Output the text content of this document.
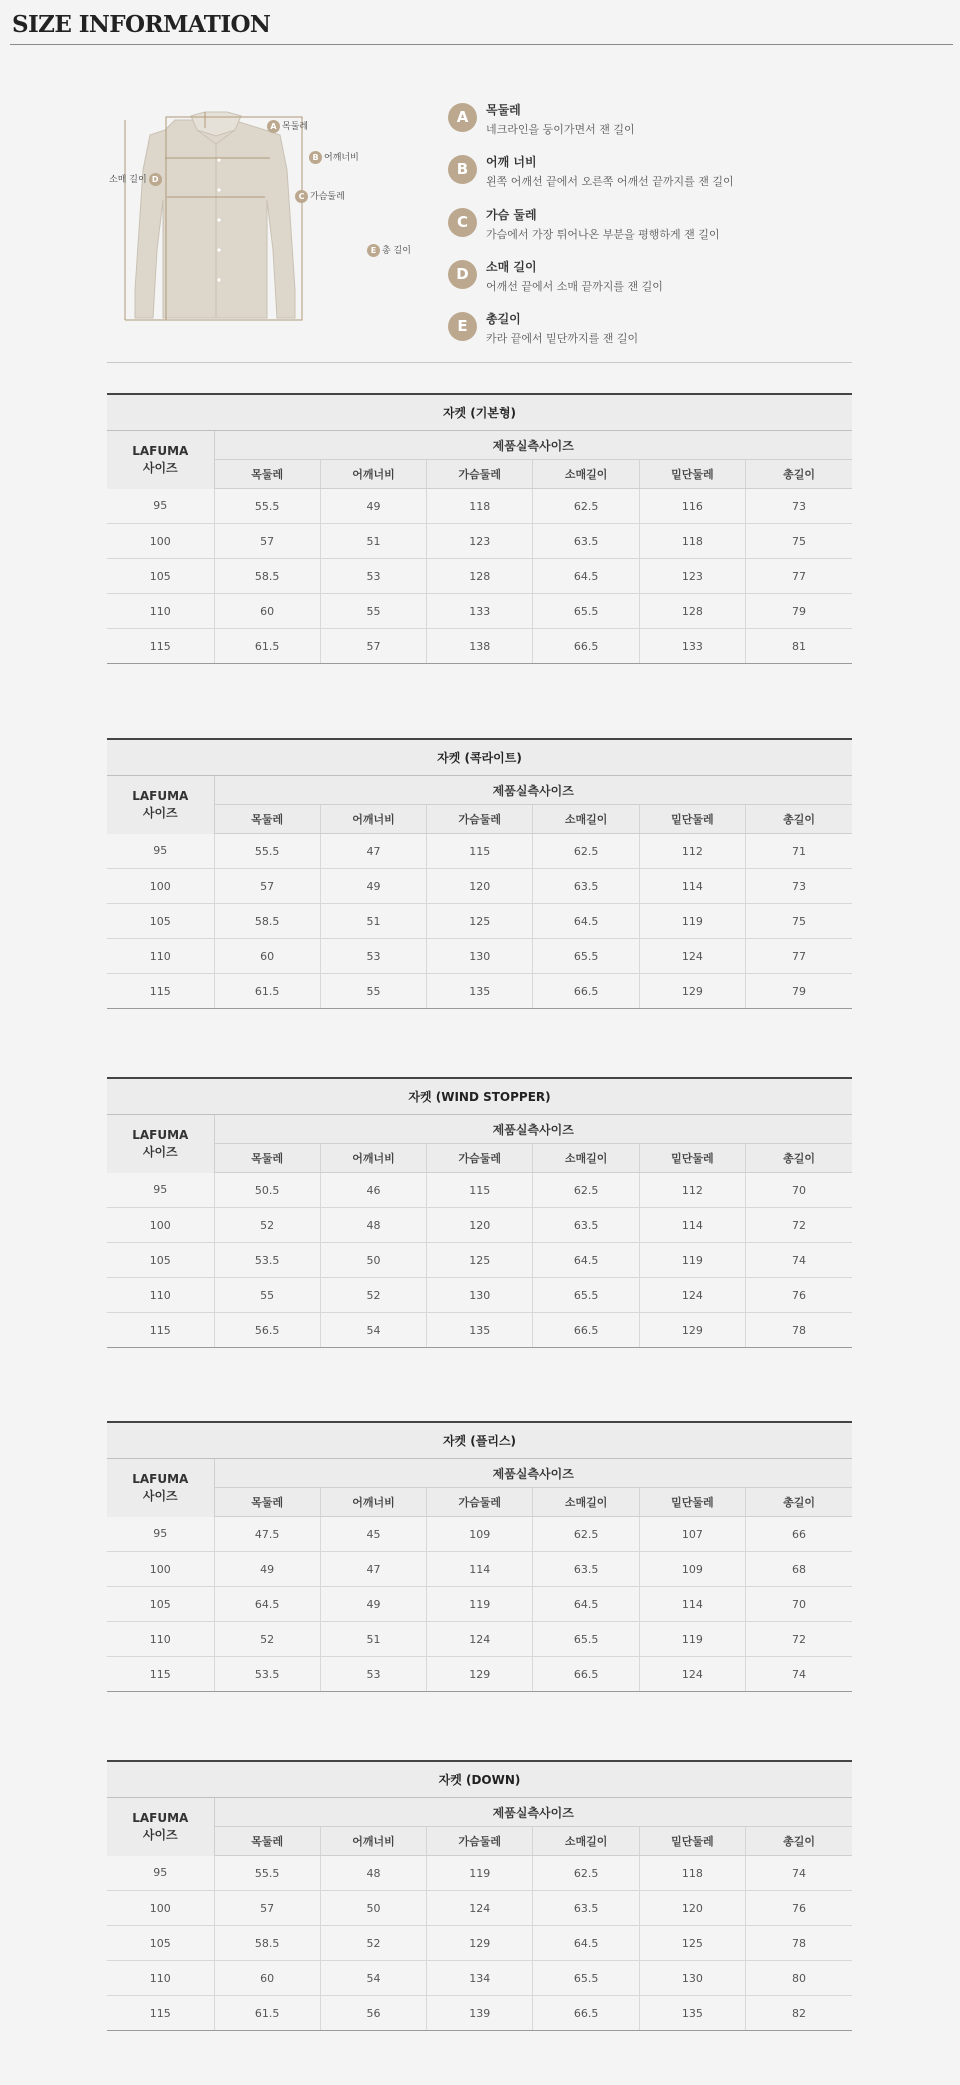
SIZE INFORMATION
A 목둘레
B 어깨너비
C 가슴둘레
소매 길이 D
E 총 길이
A	목둘레
네크라인을 둥이가면서 잰 길이
B	어깨 너비
왼쪽 어깨선 끝에서 오른쪽 어깨선 끝까지를 잰 길이
C	가슴 둘레
가슴에서 가장 튀어나온 부분을 평행하게 잰 길이
D	소매 길이
어깨선 끝에서 소매 끝까지를 잰 길이
E	총길이
카라 끝에서 밑단까지를 잰 길이
자켓 (기본형)						
LAFUMA
사이즈	제품실측사이즈					
	목둘레	어깨너비	가슴둘레	소매길이	밑단둘레	총길이
95	55.5	49	118	62.5	116	73
100	57	51	123	63.5	118	75
105	58.5	53	128	64.5	123	77
110	60	55	133	65.5	128	79
115	61.5	57	138	66.5	133	81
자켓 (콕라이트)						
LAFUMA
사이즈	제품실측사이즈					
	목둘레	어깨너비	가슴둘레	소매길이	밑단둘레	총길이
95	55.5	47	115	62.5	112	71
100	57	49	120	63.5	114	73
105	58.5	51	125	64.5	119	75
110	60	53	130	65.5	124	77
115	61.5	55	135	66.5	129	79
자켓 (WIND STOPPER)						
LAFUMA
사이즈	제품실측사이즈					
	목둘레	어깨너비	가슴둘레	소매길이	밑단둘레	총길이
95	50.5	46	115	62.5	112	70
100	52	48	120	63.5	114	72
105	53.5	50	125	64.5	119	74
110	55	52	130	65.5	124	76
115	56.5	54	135	66.5	129	78
자켓 (플리스)						
LAFUMA
사이즈	제품실측사이즈					
	목둘레	어깨너비	가슴둘레	소매길이	밑단둘레	총길이
95	47.5	45	109	62.5	107	66
100	49	47	114	63.5	109	68
105	64.5	49	119	64.5	114	70
110	52	51	124	65.5	119	72
115	53.5	53	129	66.5	124	74
자켓 (DOWN)						
LAFUMA
사이즈	제품실측사이즈					
	목둘레	어깨너비	가슴둘레	소매길이	밑단둘레	총길이
95	55.5	48	119	62.5	118	74
100	57	50	124	63.5	120	76
105	58.5	52	129	64.5	125	78
110	60	54	134	65.5	130	80
115	61.5	56	139	66.5	135	82
